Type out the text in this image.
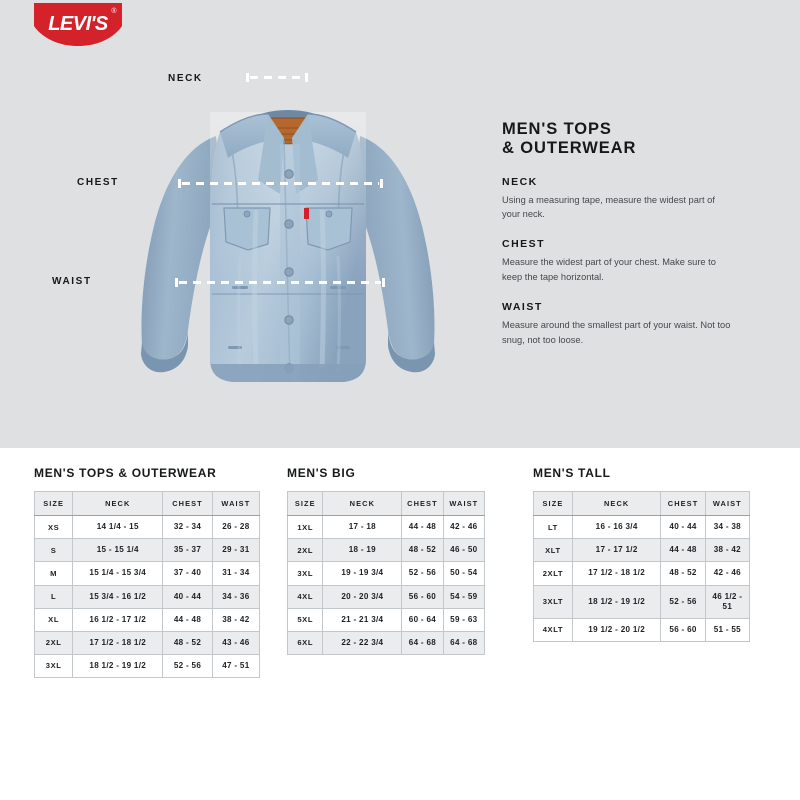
LEVI'S
®
NECK
CHEST
WAIST
MEN'S TOPS
& OUTERWEAR
NECK

Using a measuring tape, measure the widest part of your neck.

CHEST

Measure the widest part of your chest. Make sure to keep the tape horizontal.

WAIST

Measure around the smallest part of your waist. Not too snug, not too loose.

MEN'S TOPS & OUTERWEAR
SIZE	NECK	CHEST	WAIST
XS	14 1/4 - 15	32 - 34	26 - 28
S	15 - 15 1/4	35 - 37	29 - 31
M	15 1/4 - 15 3/4	37 - 40	31 - 34
L	15 3/4 - 16 1/2	40 - 44	34 - 36
XL	16 1/2 - 17 1/2	44 - 48	38 - 42
2XL	17 1/2 - 18 1/2	48 - 52	43 - 46
3XL	18 1/2 - 19 1/2	52 - 56	47 - 51
MEN'S BIG
SIZE	NECK	CHEST	WAIST
1XL	17 - 18	44 - 48	42 - 46
2XL	18 - 19	48 - 52	46 - 50
3XL	19 - 19 3/4	52 - 56	50 - 54
4XL	20 - 20 3/4	56 - 60	54 - 59
5XL	21 - 21 3/4	60 - 64	59 - 63
6XL	22 - 22 3/4	64 - 68	64 - 68
MEN'S TALL
SIZE	NECK	CHEST	WAIST
LT	16 - 16 3/4	40 - 44	34 - 38
XLT	17 - 17 1/2	44 - 48	38 - 42
2XLT	17 1/2 - 18 1/2	48 - 52	42 - 46
3XLT	18 1/2 - 19 1/2	52 - 56	46 1/2 - 51
4XLT	19 1/2 - 20 1/2	56 - 60	51 - 55
